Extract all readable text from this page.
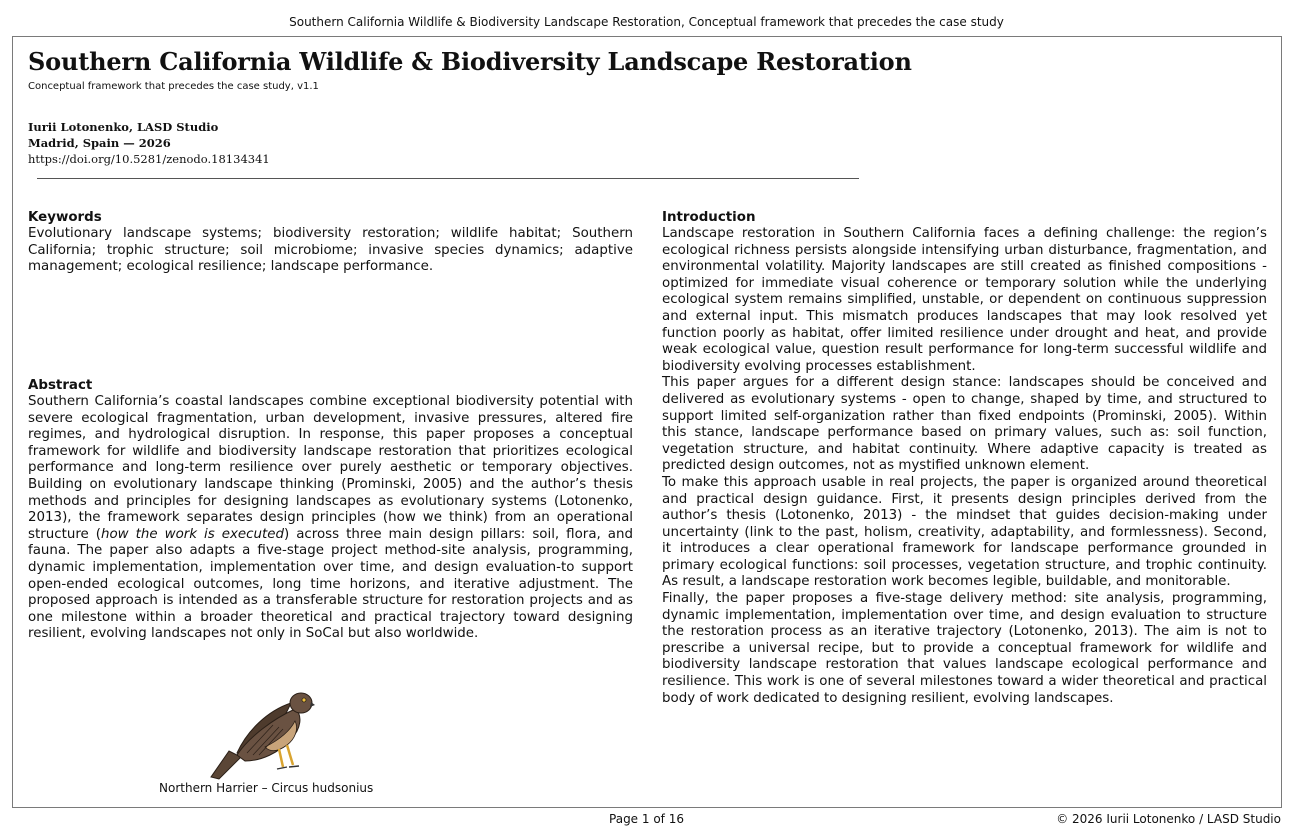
Southern California Wildlife & Biodiversity Landscape Restoration, Conceptual framework that precedes the case study
Southern California Wildlife & Biodiversity Landscape Restoration
Conceptual framework that precedes the case study, v1.1
Iurii Lotonenko, LASD Studio
Madrid, Spain — 2026
https://doi.org/10.5281/zenodo.18134341
Keywords

Evolutionary landscape systems; biodiversity restoration; wildlife habitat; Southern California; trophic structure; soil microbiome; invasive species dynamics; adaptive management; ecological resilience; landscape performance.

Abstract

Southern California’s coastal landscapes combine exceptional biodiversity potential with severe ecological fragmentation, urban development, invasive pressures, altered fire regimes, and hydrological disruption. In response, this paper proposes a conceptual framework for wildlife and biodiversity landscape restoration that prioritizes ecological performance and long-term resilience over purely aesthetic or temporary objectives. Building on evolutionary landscape thinking (Prominski, 2005) and the author’s thesis methods and principles for designing landscapes as evolutionary systems (Lotonenko, 2013), the framework separates design principles (how we think) from an operational structure (how the work is executed) across three main design pillars: soil, flora, and fauna. The paper also adapts a five-stage project method-site analysis, programming, dynamic implementation, implementation over time, and design evaluation-to support open-ended ecological outcomes, long time horizons, and iterative adjustment. The proposed approach is intended as a transferable structure for restoration projects and as one milestone within a broader theoretical and practical trajectory toward designing resilient, evolving landscapes not only in SoCal but also worldwide.

Northern Harrier – Circus hudsonius
Introduction

Landscape restoration in Southern California faces a defining challenge: the region’s ecological richness persists alongside intensifying urban disturbance, fragmentation, and environmental volatility. Majority landscapes are still created as finished compositions - optimized for immediate visual coherence or temporary solution while the underlying ecological system remains simplified, unstable, or dependent on continuous suppression and external input. This mismatch produces landscapes that may look resolved yet function poorly as habitat, offer limited resilience under drought and heat, and provide weak ecological value, question result performance for long-term successful wildlife and biodiversity evolving processes establishment.

This paper argues for a different design stance: landscapes should be conceived and delivered as evolutionary systems - open to change, shaped by time, and structured to support limited self-organization rather than fixed endpoints (Prominski, 2005). Within this stance, landscape performance based on primary values, such as: soil function, vegetation structure, and habitat continuity. Where adaptive capacity is treated as predicted design outcomes, not as mystified unknown element.

To make this approach usable in real projects, the paper is organized around theoretical and practical design guidance. First, it presents design principles derived from the author’s thesis (Lotonenko, 2013) - the mindset that guides decision-making under uncertainty (link to the past, holism, creativity, adaptability, and formlessness). Second, it introduces a clear operational framework for landscape performance grounded in primary ecological functions: soil processes, vegetation structure, and trophic continuity. As result, a landscape restoration work becomes legible, buildable, and monitorable.

Finally, the paper proposes a five-stage delivery method: site analysis, programming, dynamic implementation, implementation over time, and design evaluation to structure the restoration process as an iterative trajectory (Lotonenko, 2013). The aim is not to prescribe a universal recipe, but to provide a conceptual framework for wildlife and biodiversity landscape restoration that values landscape ecological performance and resilience. This work is one of several milestones toward a wider theoretical and practical body of work dedicated to designing resilient, evolving landscapes.

Page 1 of 16	© 2026 Iurii Lotonenko / LASD Studio
